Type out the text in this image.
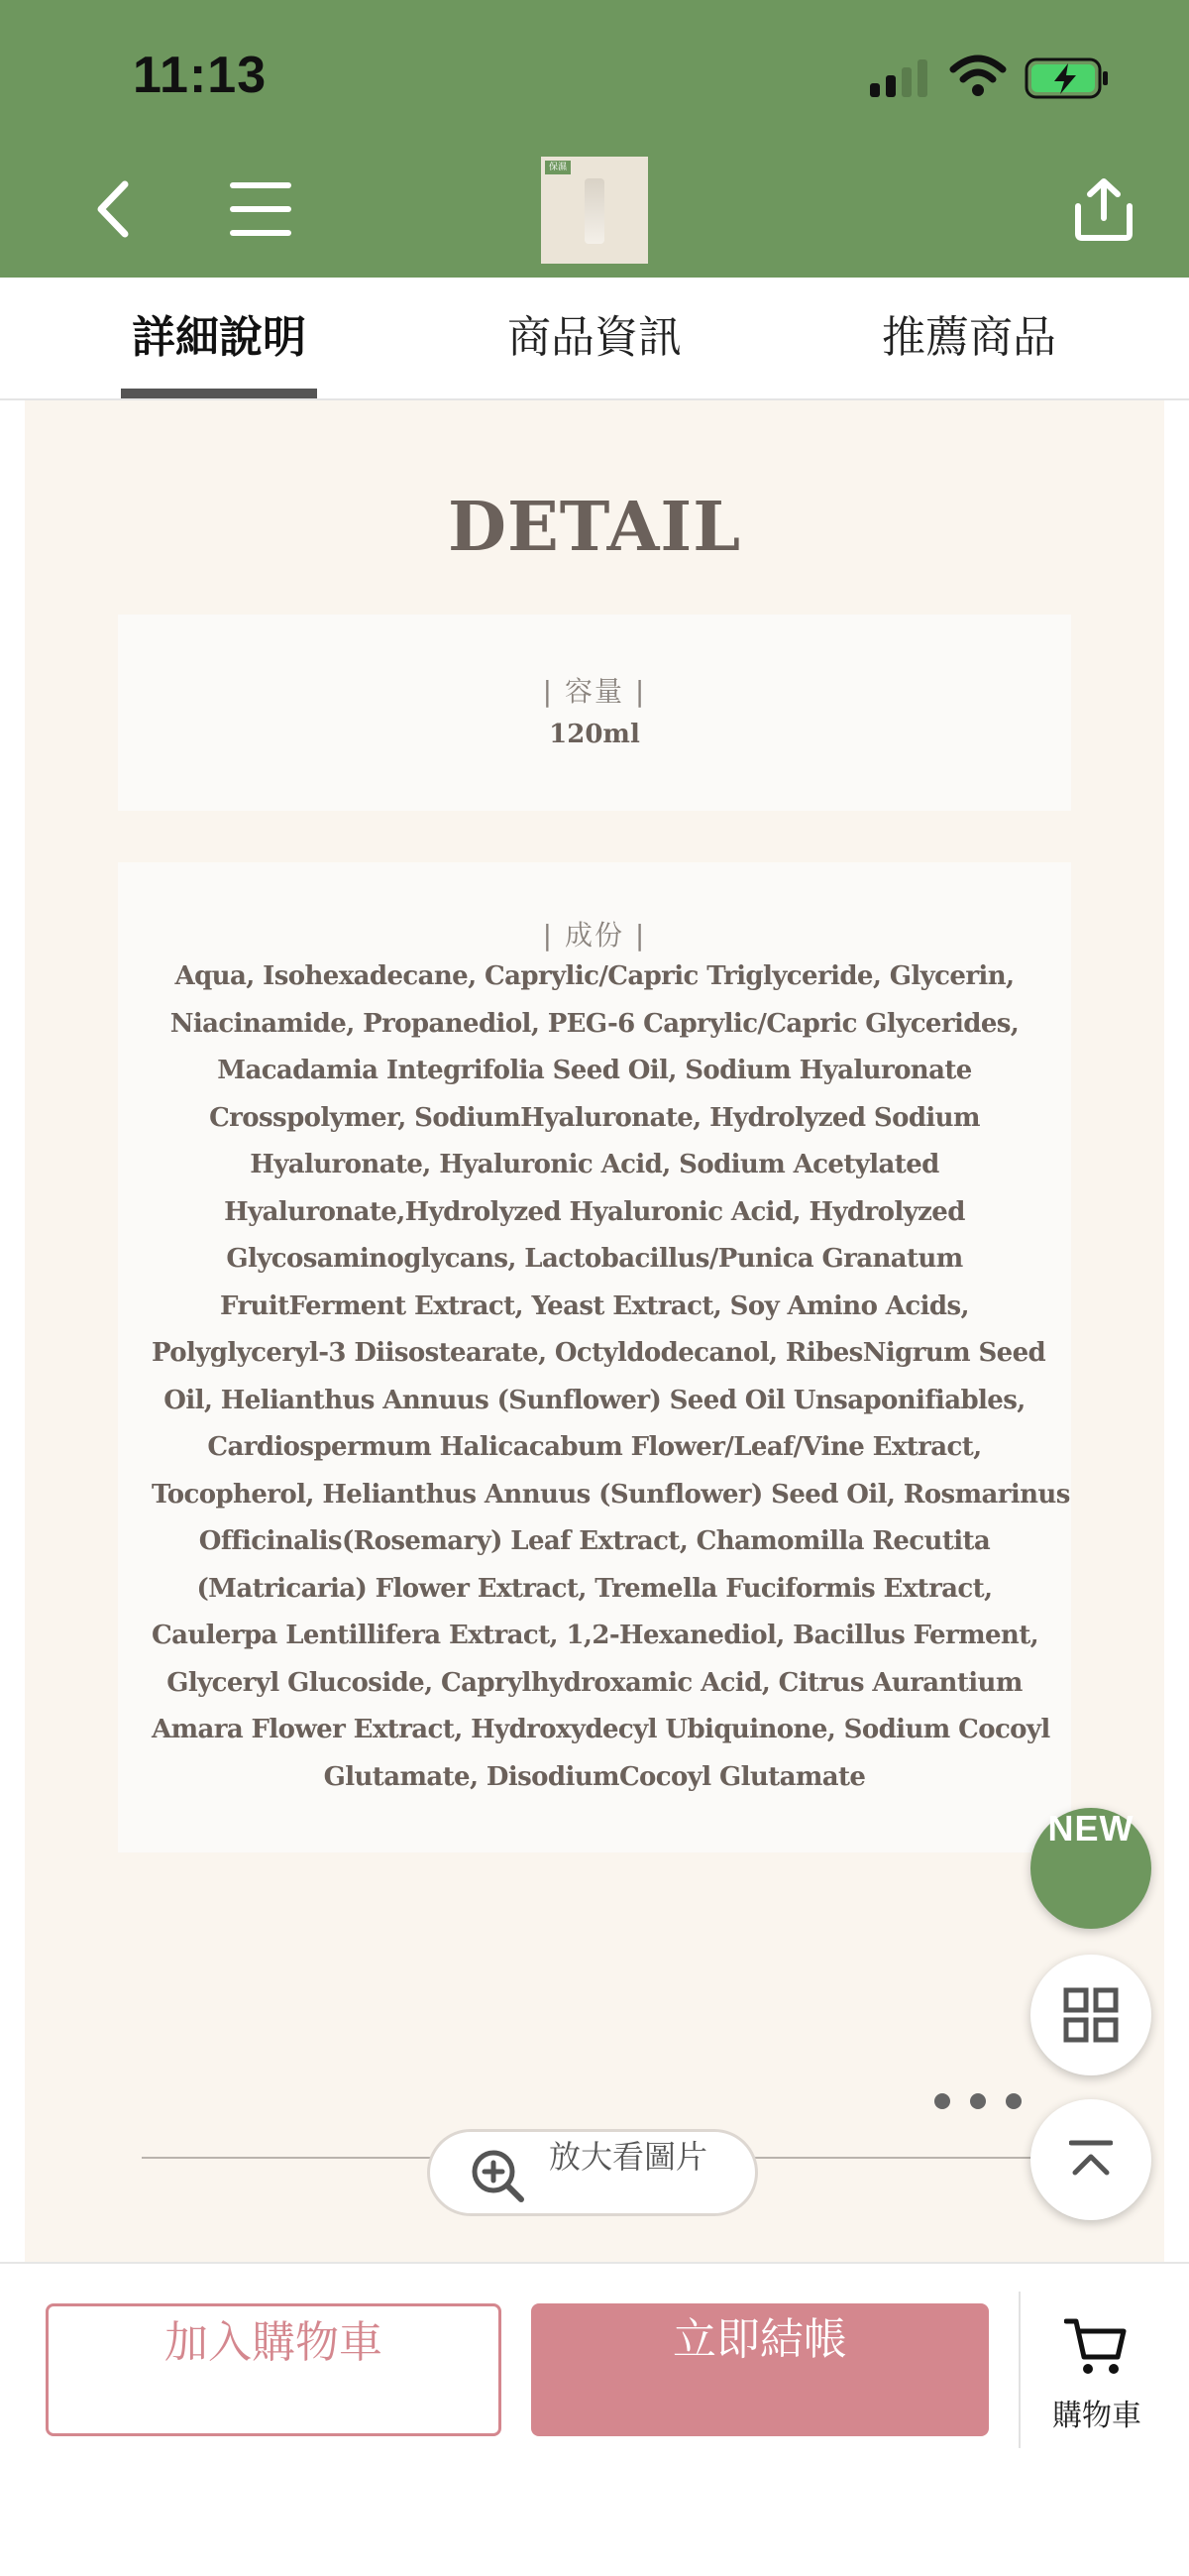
11:13
保濕
詳細說明	商品資訊	推薦商品
DETAIL
| 容量 |
120ml
| 成份 |
Aqua, Isohexadecane, Caprylic/Capric Triglyceride, Glycerin,
Niacinamide, Propanediol, PEG-6 Caprylic/Capric Glycerides,
Macadamia Integrifolia Seed Oil, Sodium Hyaluronate
Crosspolymer, SodiumHyaluronate, Hydrolyzed Sodium
Hyaluronate, Hyaluronic Acid, Sodium Acetylated
Hyaluronate,Hydrolyzed Hyaluronic Acid, Hydrolyzed
Glycosaminoglycans, Lactobacillus/Punica Granatum
FruitFerment Extract, Yeast Extract, Soy Amino Acids,
Polyglyceryl-3 Diisostearate, Octyldodecanol, RibesNigrum Seed
Oil, Helianthus Annuus (Sunflower) Seed Oil Unsaponifiables,
Cardiospermum Halicacabum Flower/Leaf/Vine Extract,
Tocopherol, Helianthus Annuus (Sunflower) Seed Oil, Rosmarinus
Officinalis(Rosemary) Leaf Extract, Chamomilla Recutita
(Matricaria) Flower Extract, Tremella Fuciformis Extract,
Caulerpa Lentillifera Extract, 1,2-Hexanediol, Bacillus Ferment,
Glyceryl Glucoside, Caprylhydroxamic Acid, Citrus Aurantium
Amara Flower Extract, Hydroxydecyl Ubiquinone, Sodium Cocoyl
Glutamate, DisodiumCocoyl Glutamate
放大看圖片
NEW
加入購物車	立即結帳
購物車
